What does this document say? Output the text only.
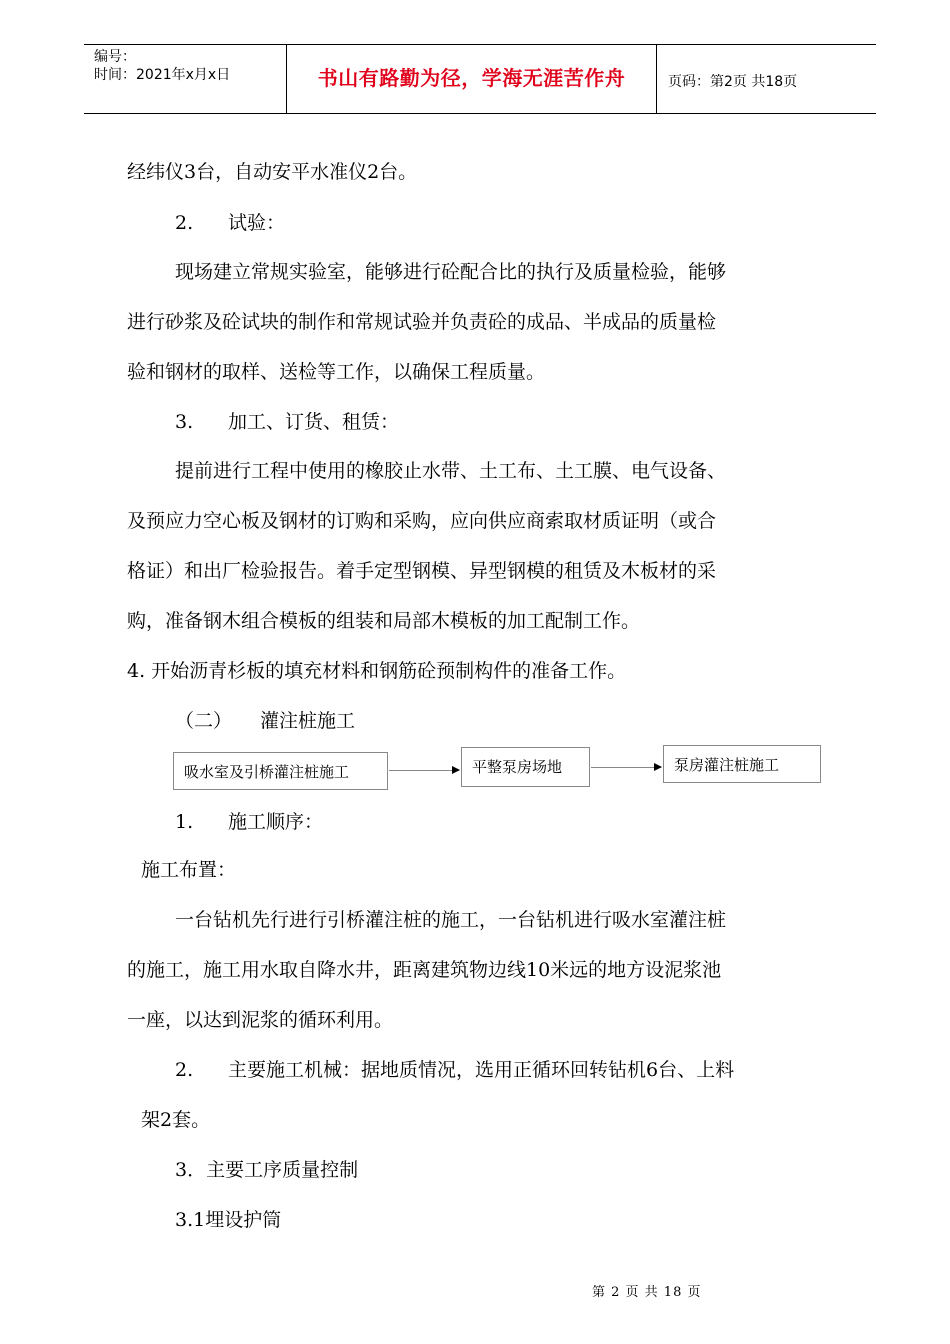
编号：
时间：2021年x月x日	书山有路勤为径，学海无涯苦作舟	页码：第2页 共18页
经纬仪3台，自动安平水准仪2台。
2. 试验：
现场建立常规实验室，能够进行砼配合比的执行及质量检验，能够
进行砂浆及砼试块的制作和常规试验并负责砼的成品、半成品的质量检
验和钢材的取样、送检等工作，以确保工程质量。
3. 加工、订货、租赁：
提前进行工程中使用的橡胶止水带、土工布、土工膜、电气设备、
及预应力空心板及钢材的订购和采购，应向供应商索取材质证明（或合
格证）和出厂检验报告。着手定型钢模、异型钢模的租赁及木板材的采
购，准备钢木组合模板的组装和局部木模板的加工配制工作。
4. 开始沥青杉板的填充材料和钢筋砼预制构件的准备工作。
（二） 灌注桩施工
吸水室及引桥灌注桩施工	平整泵房场地	泵房灌注桩施工
1. 施工顺序：
施工布置：
一台钻机先行进行引桥灌注桩的施工，一台钻机进行吸水室灌注桩
的施工，施工用水取自降水井，距离建筑物边线10米远的地方设泥浆池
一座，以达到泥浆的循环利用。
2. 主要施工机械：据地质情况，选用正循环回转钻机6台、上料
架2套。
3．主要工序质量控制
3.1埋设护筒
第 2 页 共 18 页
